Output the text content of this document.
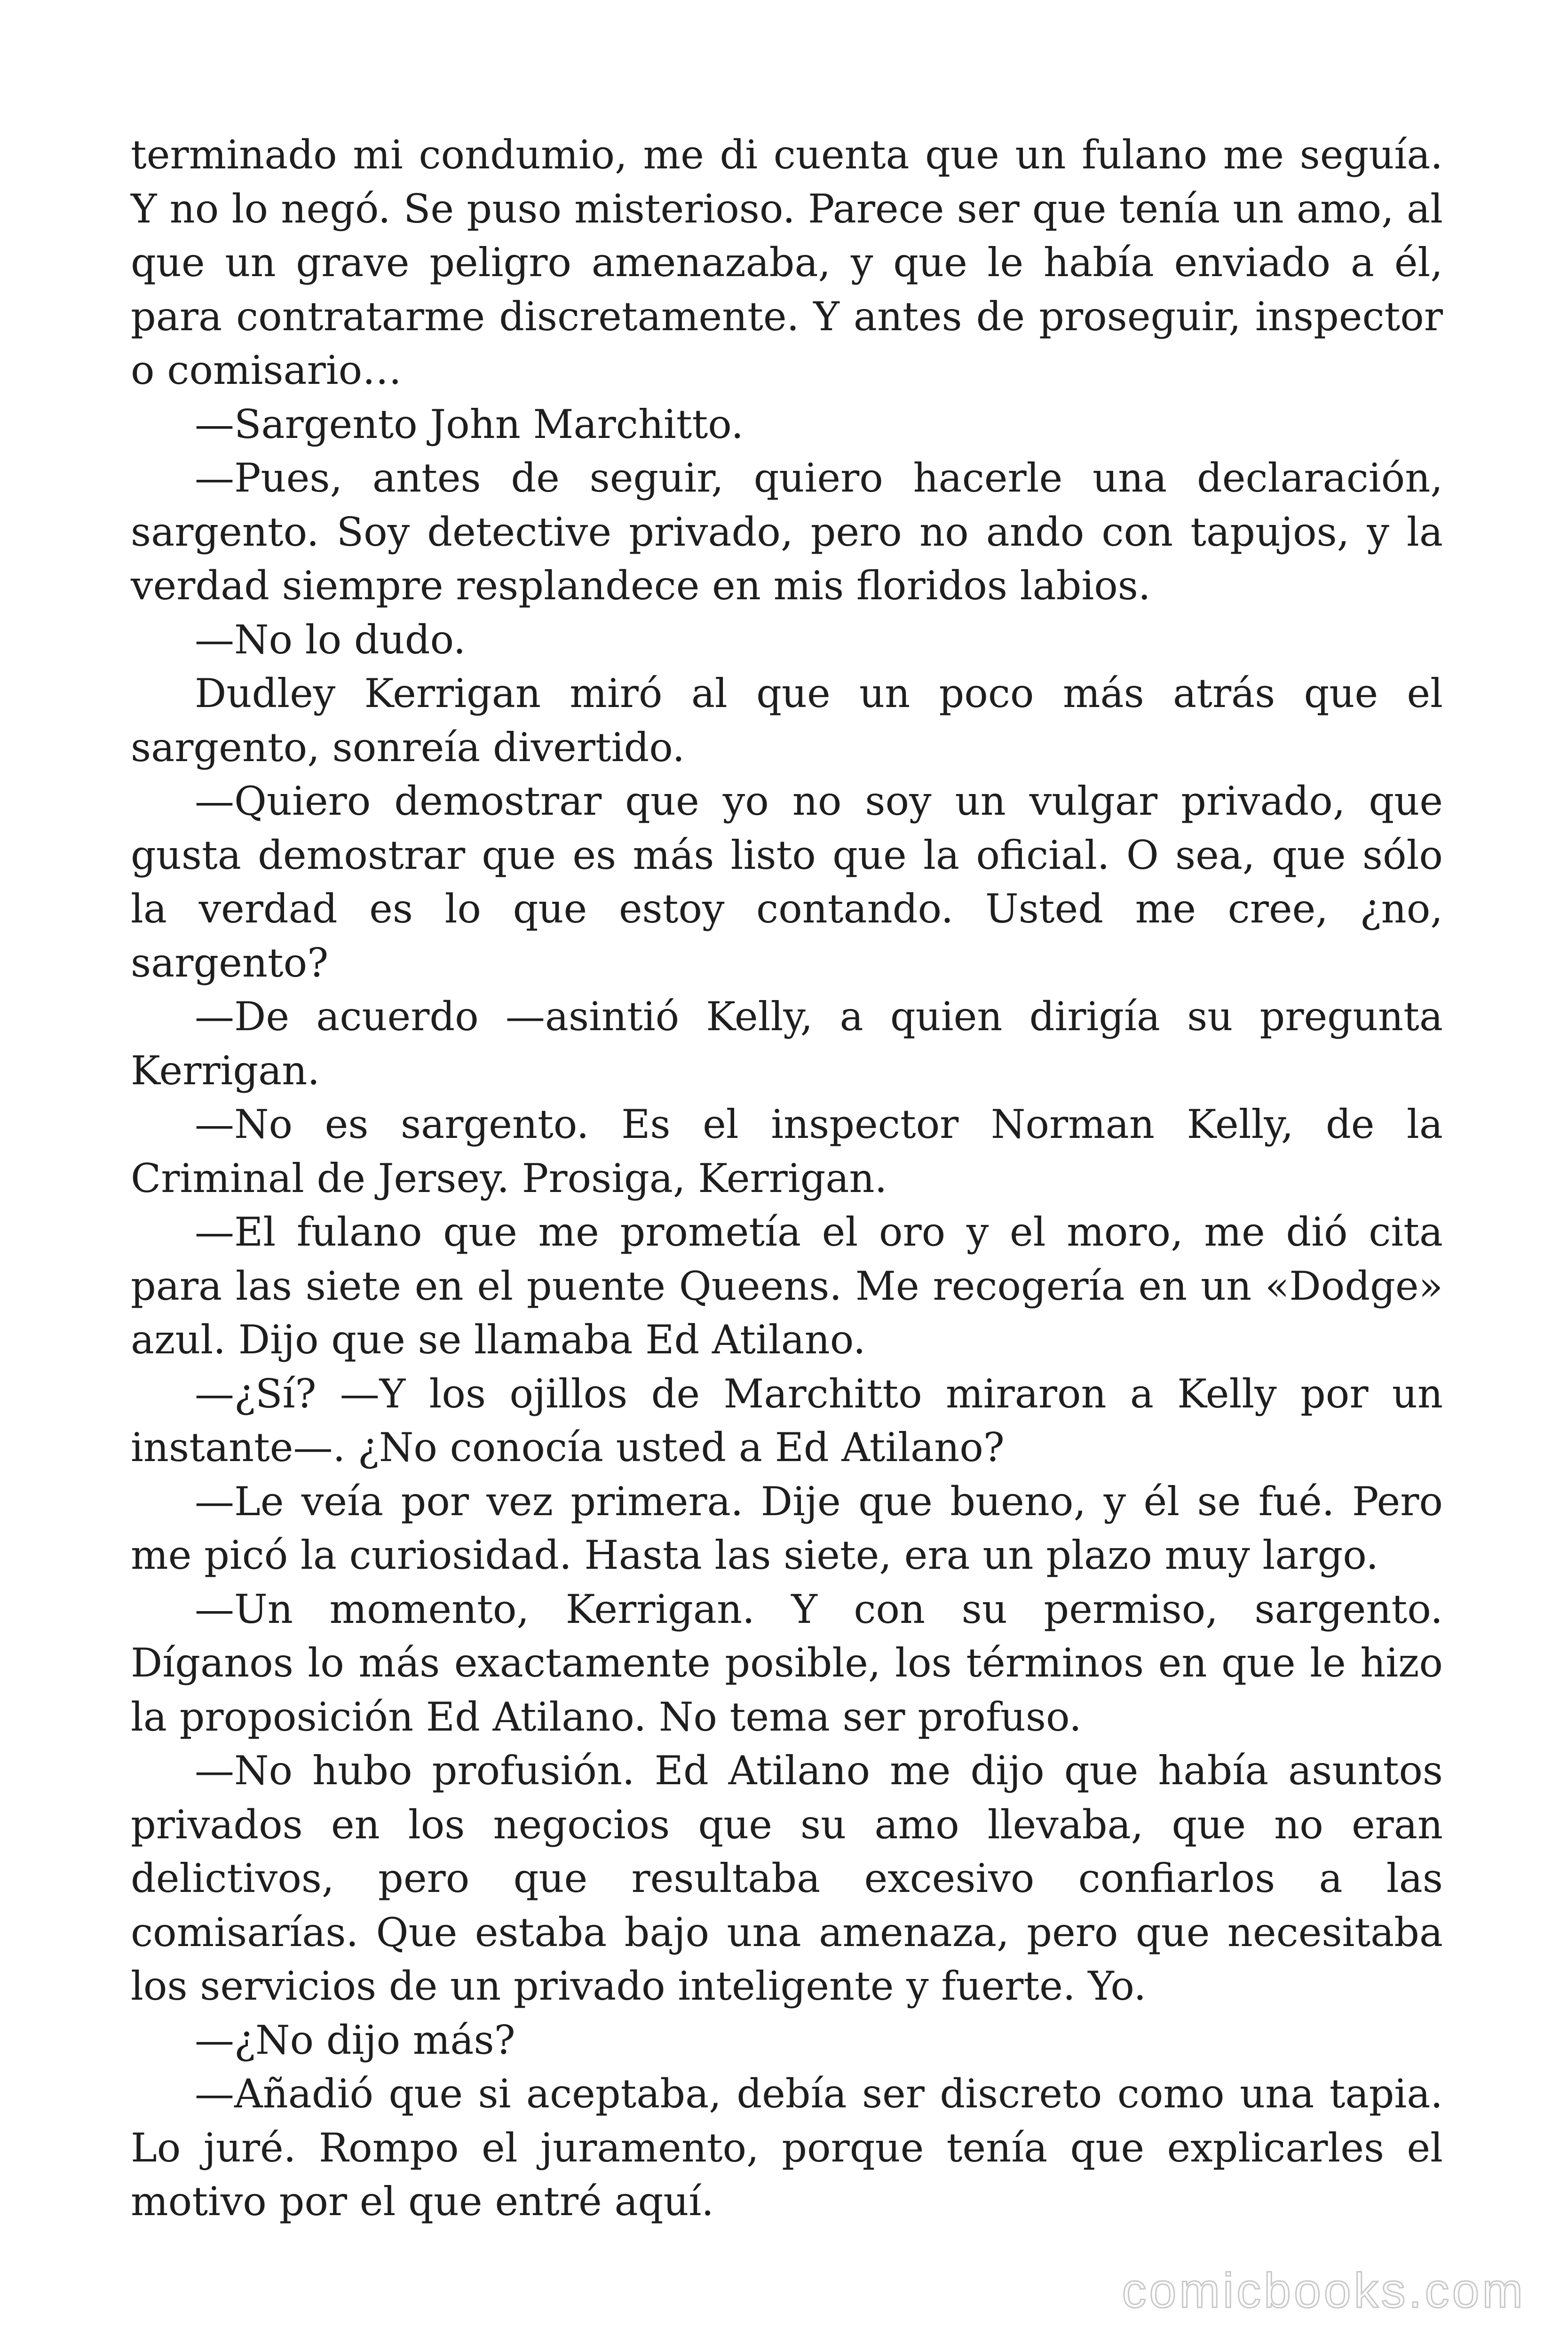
terminado mi condumio, me di cuenta que un fulano me seguía. Y no lo negó. Se puso misterioso. Parece ser que tenía un amo, al que un grave peligro amenazaba, y que le había enviado a él, para contratarme discretamente. Y antes de proseguir, inspector o comisario…

—Sargento John Marchitto.

—Pues, antes de seguir, quiero hacerle una declaración, sargento. Soy detective privado, pero no ando con tapujos, y la verdad siempre resplandece en mis floridos labios.

—No lo dudo.

Dudley Kerrigan miró al que un poco más atrás que el sargento, sonreía divertido.

—Quiero demostrar que yo no soy un vulgar privado, que gusta demostrar que es más listo que la oficial. O sea, que sólo la verdad es lo que estoy contando. Usted me cree, ¿no, sargento?

—De acuerdo —asintió Kelly, a quien dirigía su pregunta Kerrigan.

—No es sargento. Es el inspector Norman Kelly, de la Criminal de Jersey. Prosiga, Kerrigan.

—El fulano que me prometía el oro y el moro, me dió cita para las siete en el puente Queens. Me recogería en un «Dodge» azul. Dijo que se llamaba Ed Atilano.

—¿Sí? —Y los ojillos de Marchitto miraron a Kelly por un instante—. ¿No conocía usted a Ed Atilano?

—Le veía por vez primera. Dije que bueno, y él se fué. Pero me picó la curiosidad. Hasta las siete, era un plazo muy largo.

—Un momento, Kerrigan. Y con su permiso, sargento. Díganos lo más exactamente posible, los términos en que le hizo la proposición Ed Atilano. No tema ser profuso.

—No hubo profusión. Ed Atilano me dijo que había asuntos privados en los negocios que su amo llevaba, que no eran delictivos, pero que resultaba excesivo confiarlos a las comisarías. Que estaba bajo una amenaza, pero que necesitaba los servicios de un privado inteligente y fuerte. Yo.

—¿No dijo más?

—Añadió que si aceptaba, debía ser discreto como una tapia. Lo juré. Rompo el juramento, porque tenía que explicarles el motivo por el que entré aquí.

comicbooks.com
